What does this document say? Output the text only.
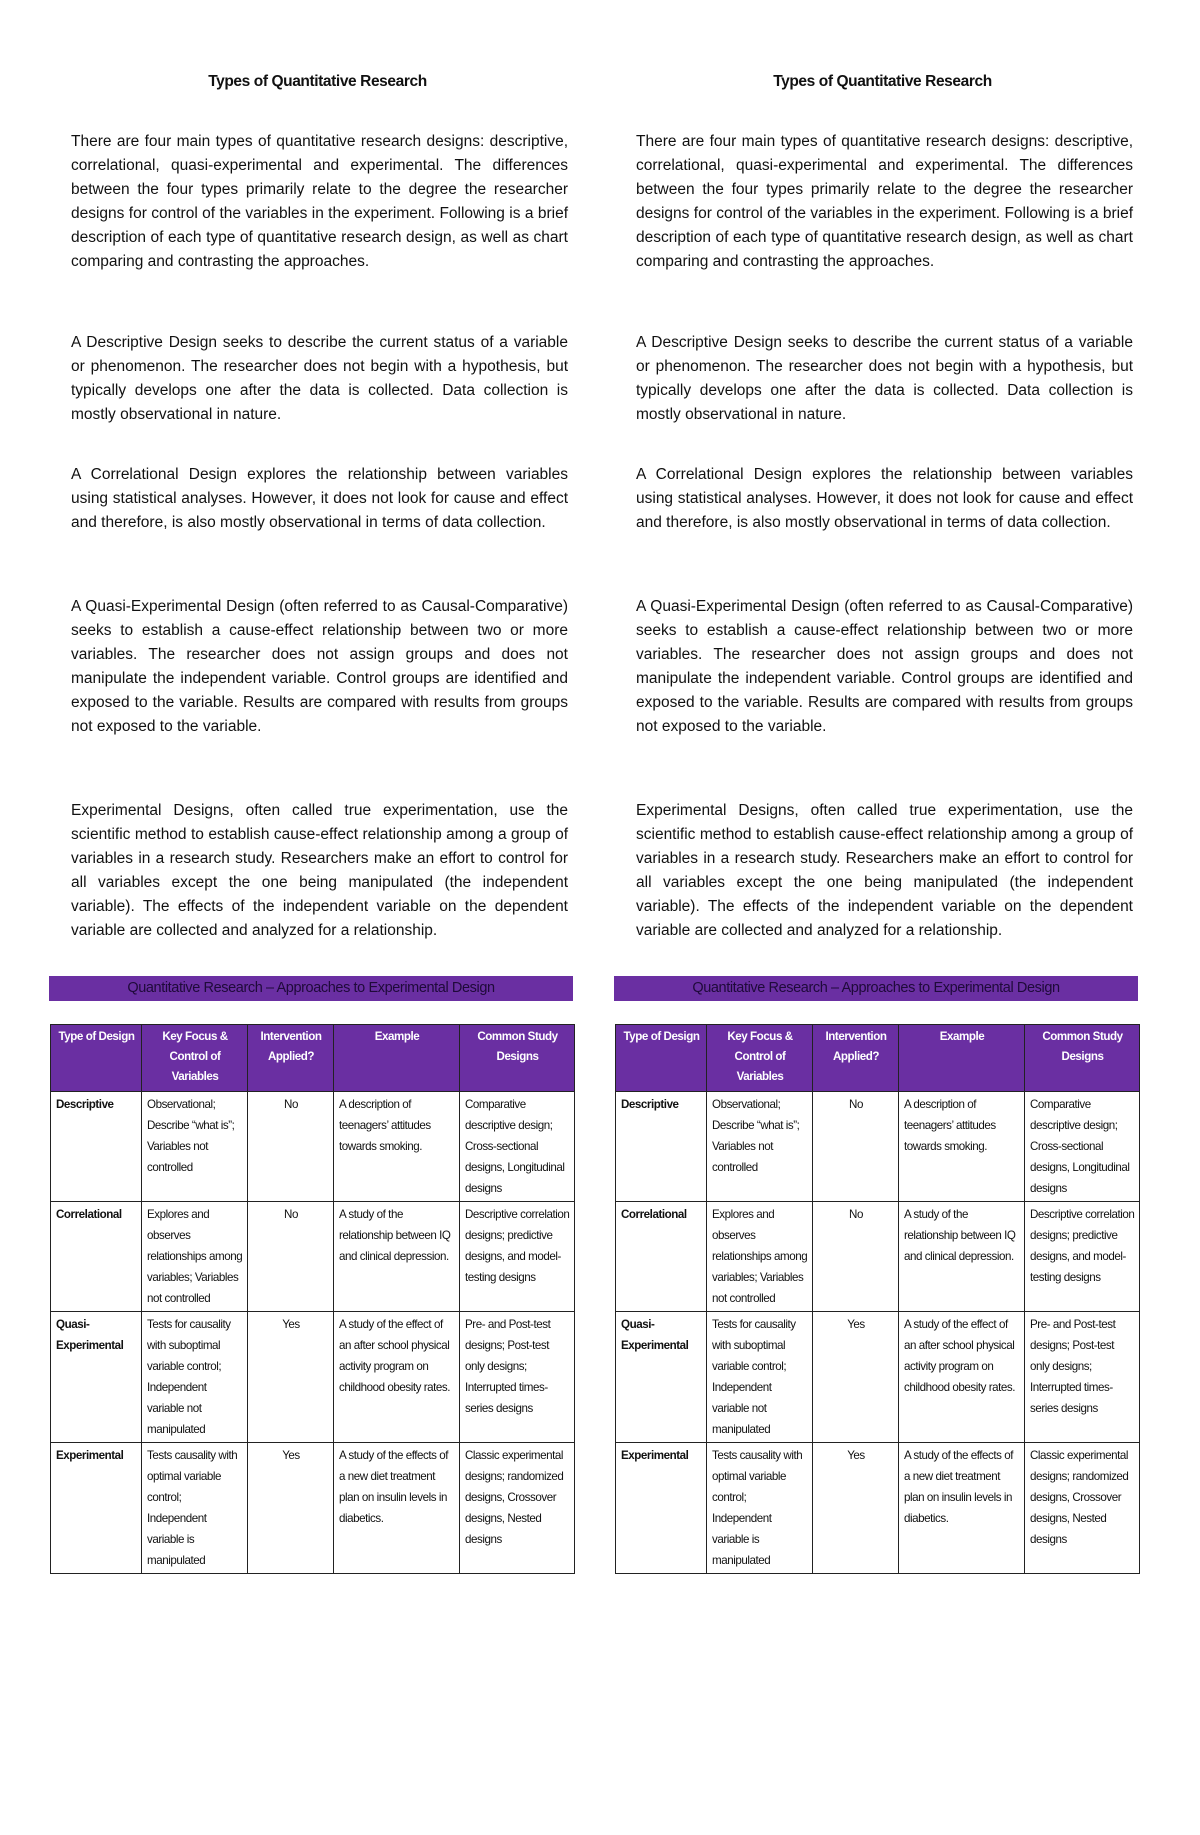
Types of Quantitative Research

There are four main types of quantitative research designs: descriptive, correlational, quasi-experimental and experimental. The differences between the four types primarily relate to the degree the researcher designs for control of the variables in the experiment. Following is a brief description of each type of quantitative research design, as well as chart comparing and contrasting the approaches.

A Descriptive Design seeks to describe the current status of a variable or phenomenon. The researcher does not begin with a hypothesis, but typically develops one after the data is collected. Data collection is mostly observational in nature.

A Correlational Design explores the relationship between variables using statistical analyses. However, it does not look for cause and effect and therefore, is also mostly observational in terms of data collection.

A Quasi-Experimental Design (often referred to as Causal-Comparative) seeks to establish a cause-effect relationship between two or more variables. The researcher does not assign groups and does not manipulate the independent variable. Control groups are identified and exposed to the variable. Results are compared with results from groups not exposed to the variable.

Experimental Designs, often called true experimentation, use the scientific method to establish cause-effect relationship among a group of variables in a research study. Researchers make an effort to control for all variables except the one being manipulated (the independent variable). The effects of the independent variable on the dependent variable are collected and analyzed for a relationship.

Quantitative Research – Approaches to Experimental Design
Type of Design	Key Focus & Control of Variables	Intervention Applied?	Example	Common Study Designs
Descriptive	Observational; Describe “what is”; Variables not controlled	No	A description of teenagers’ attitudes towards smoking.	Comparative descriptive design; Cross-sectional designs, Longitudinal designs
Correlational	Explores and observes relationships among variables; Variables not controlled	No	A study of the relationship between IQ and clinical depression.	Descriptive correlation designs; predictive designs, and model-testing designs
Quasi-Experimental	Tests for causality with suboptimal variable control; Independent variable not manipulated	Yes	A study of the effect of an after school physical activity program on childhood obesity rates.	Pre- and Post-test designs; Post-test only designs; Interrupted times-series designs
Experimental	Tests causality with optimal variable control; Independent variable is manipulated	Yes	A study of the effects of a new diet treatment plan on insulin levels in diabetics.	Classic experimental designs; randomized designs, Crossover designs, Nested designs
Types of Quantitative Research

There are four main types of quantitative research designs: descriptive, correlational, quasi-experimental and experimental. The differences between the four types primarily relate to the degree the researcher designs for control of the variables in the experiment. Following is a brief description of each type of quantitative research design, as well as chart comparing and contrasting the approaches.

A Descriptive Design seeks to describe the current status of a variable or phenomenon. The researcher does not begin with a hypothesis, but typically develops one after the data is collected. Data collection is mostly observational in nature.

A Correlational Design explores the relationship between variables using statistical analyses. However, it does not look for cause and effect and therefore, is also mostly observational in terms of data collection.

A Quasi-Experimental Design (often referred to as Causal-Comparative) seeks to establish a cause-effect relationship between two or more variables. The researcher does not assign groups and does not manipulate the independent variable. Control groups are identified and exposed to the variable. Results are compared with results from groups not exposed to the variable.

Experimental Designs, often called true experimentation, use the scientific method to establish cause-effect relationship among a group of variables in a research study. Researchers make an effort to control for all variables except the one being manipulated (the independent variable). The effects of the independent variable on the dependent variable are collected and analyzed for a relationship.

Quantitative Research – Approaches to Experimental Design
Type of Design	Key Focus & Control of Variables	Intervention Applied?	Example	Common Study Designs
Descriptive	Observational; Describe “what is”; Variables not controlled	No	A description of teenagers’ attitudes towards smoking.	Comparative descriptive design; Cross-sectional designs, Longitudinal designs
Correlational	Explores and observes relationships among variables; Variables not controlled	No	A study of the relationship between IQ and clinical depression.	Descriptive correlation designs; predictive designs, and model-testing designs
Quasi-Experimental	Tests for causality with suboptimal variable control; Independent variable not manipulated	Yes	A study of the effect of an after school physical activity program on childhood obesity rates.	Pre- and Post-test designs; Post-test only designs; Interrupted times-series designs
Experimental	Tests causality with optimal variable control; Independent variable is manipulated	Yes	A study of the effects of a new diet treatment plan on insulin levels in diabetics.	Classic experimental designs; randomized designs, Crossover designs, Nested designs
